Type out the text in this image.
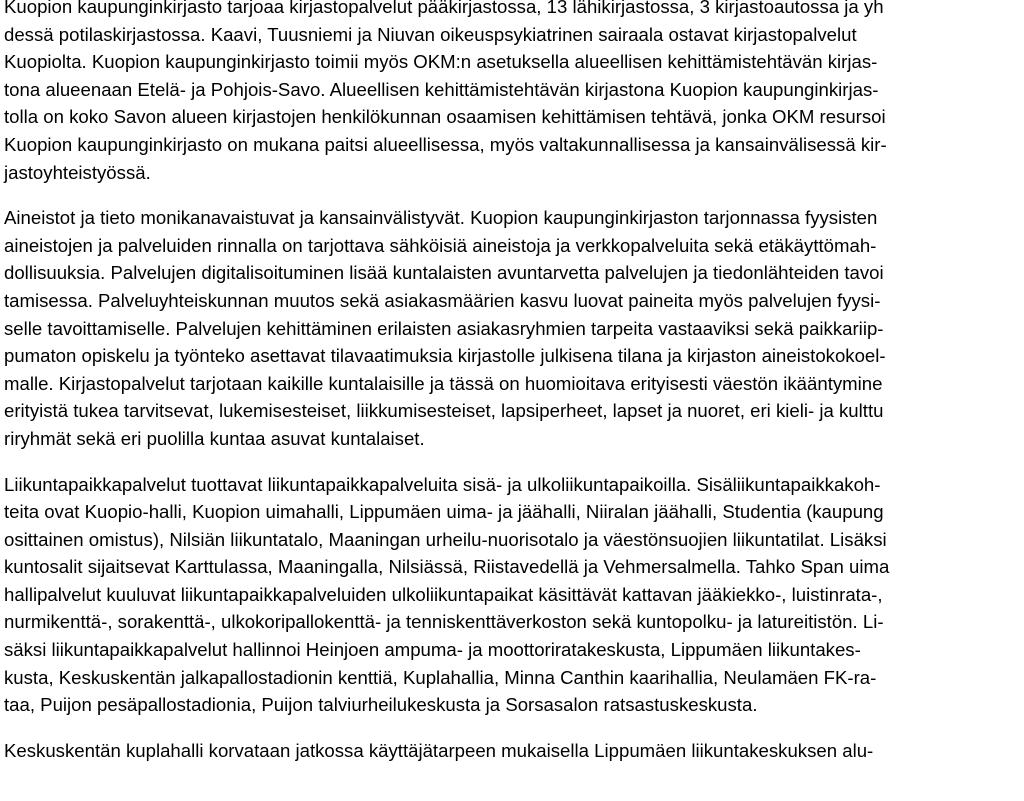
Kuopion kaupunginkirjasto tarjoaa kirjastopalvelut pääkirjastossa, 13 lähikirjastossa, 3 kirjastoautossa ja yh
dessä potilaskirjastossa. Kaavi, Tuusniemi ja Niuvan oikeuspsykiatrinen sairaala ostavat kirjastopalvelut
Kuopiolta. Kuopion kaupunginkirjasto toimii myös OKM:n asetuksella alueellisen kehittämistehtävän kirjas-
tona alueenaan Etelä- ja Pohjois-Savo. Alueellisen kehittämistehtävän kirjastona Kuopion kaupunginkirjas-
tolla on koko Savon alueen kirjastojen henkilökunnan osaamisen kehittämisen tehtävä, jonka OKM resursoi
Kuopion kaupunginkirjasto on mukana paitsi alueellisessa, myös valtakunnallisessa ja kansainvälisessä kir-
jastoyhteistyössä.
Aineistot ja tieto monikanavaistuvat ja kansainvälistyvät. Kuopion kaupunginkirjaston tarjonnassa fyysisten
aineistojen ja palveluiden rinnalla on tarjottava sähköisiä aineistoja ja verkkopalveluita sekä etäkäyttömah-
dollisuuksia. Palvelujen digitalisoituminen lisää kuntalaisten avuntarvetta palvelujen ja tiedonlähteiden tavoi
tamisessa. Palveluyhteiskunnan muutos sekä asiakasmäärien kasvu luovat paineita myös palvelujen fyysi-
selle tavoittamiselle. Palvelujen kehittäminen erilaisten asiakasryhmien tarpeita vastaaviksi sekä paikkariip-
pumaton opiskelu ja työnteko asettavat tilavaatimuksia kirjastolle julkisena tilana ja kirjaston aineistokokoel-
malle. Kirjastopalvelut tarjotaan kaikille kuntalaisille ja tässä on huomioitava erityisesti väestön ikääntymine
erityistä tukea tarvitsevat, lukemisesteiset, liikkumisesteiset, lapsiperheet, lapset ja nuoret, eri kieli- ja kulttu
riryhmät sekä eri puolilla kuntaa asuvat kuntalaiset.
Liikuntapaikkapalvelut tuottavat liikuntapaikkapalveluita sisä- ja ulkoliikuntapaikoilla. Sisäliikuntapaikkakoh-
teita ovat Kuopio-halli, Kuopion uimahalli, Lippumäen uima- ja jäähalli, Niiralan jäähalli, Studentia (kaupung
osittainen omistus), Nilsiän liikuntatalo, Maaningan urheilu-nuorisotalo ja väestönsuojien liikuntatilat. Lisäksi
kuntosalit sijaitsevat Karttulassa, Maaningalla, Nilsiässä, Riistavedellä ja Vehmersalmella. Tahko Span uima
hallipalvelut kuuluvat liikuntapaikkapalveluiden ulkoliikuntapaikat käsittävät kattavan jääkiekko-, luistinrata-,
nurmikenttä-, sorakenttä-, ulkokoripallokenttä- ja tenniskenttäverkoston sekä kuntopolku- ja latureitistön. Li-
säksi liikuntapaikkapalvelut hallinnoi Heinjoen ampuma- ja moottoriratakeskusta, Lippumäen liikuntakes-
kusta, Keskuskentän jalkapallostadionin kenttiä, Kuplahallia, Minna Canthin kaarihallia, Neulamäen FK-ra-
taa, Puijon pesäpallostadionia, Puijon talviurheilukeskusta ja Sorsasalon ratsastuskeskusta.
Keskuskentän kuplahalli korvataan jatkossa käyttäjätarpeen mukaisella Lippumäen liikuntakeskuksen alu-
